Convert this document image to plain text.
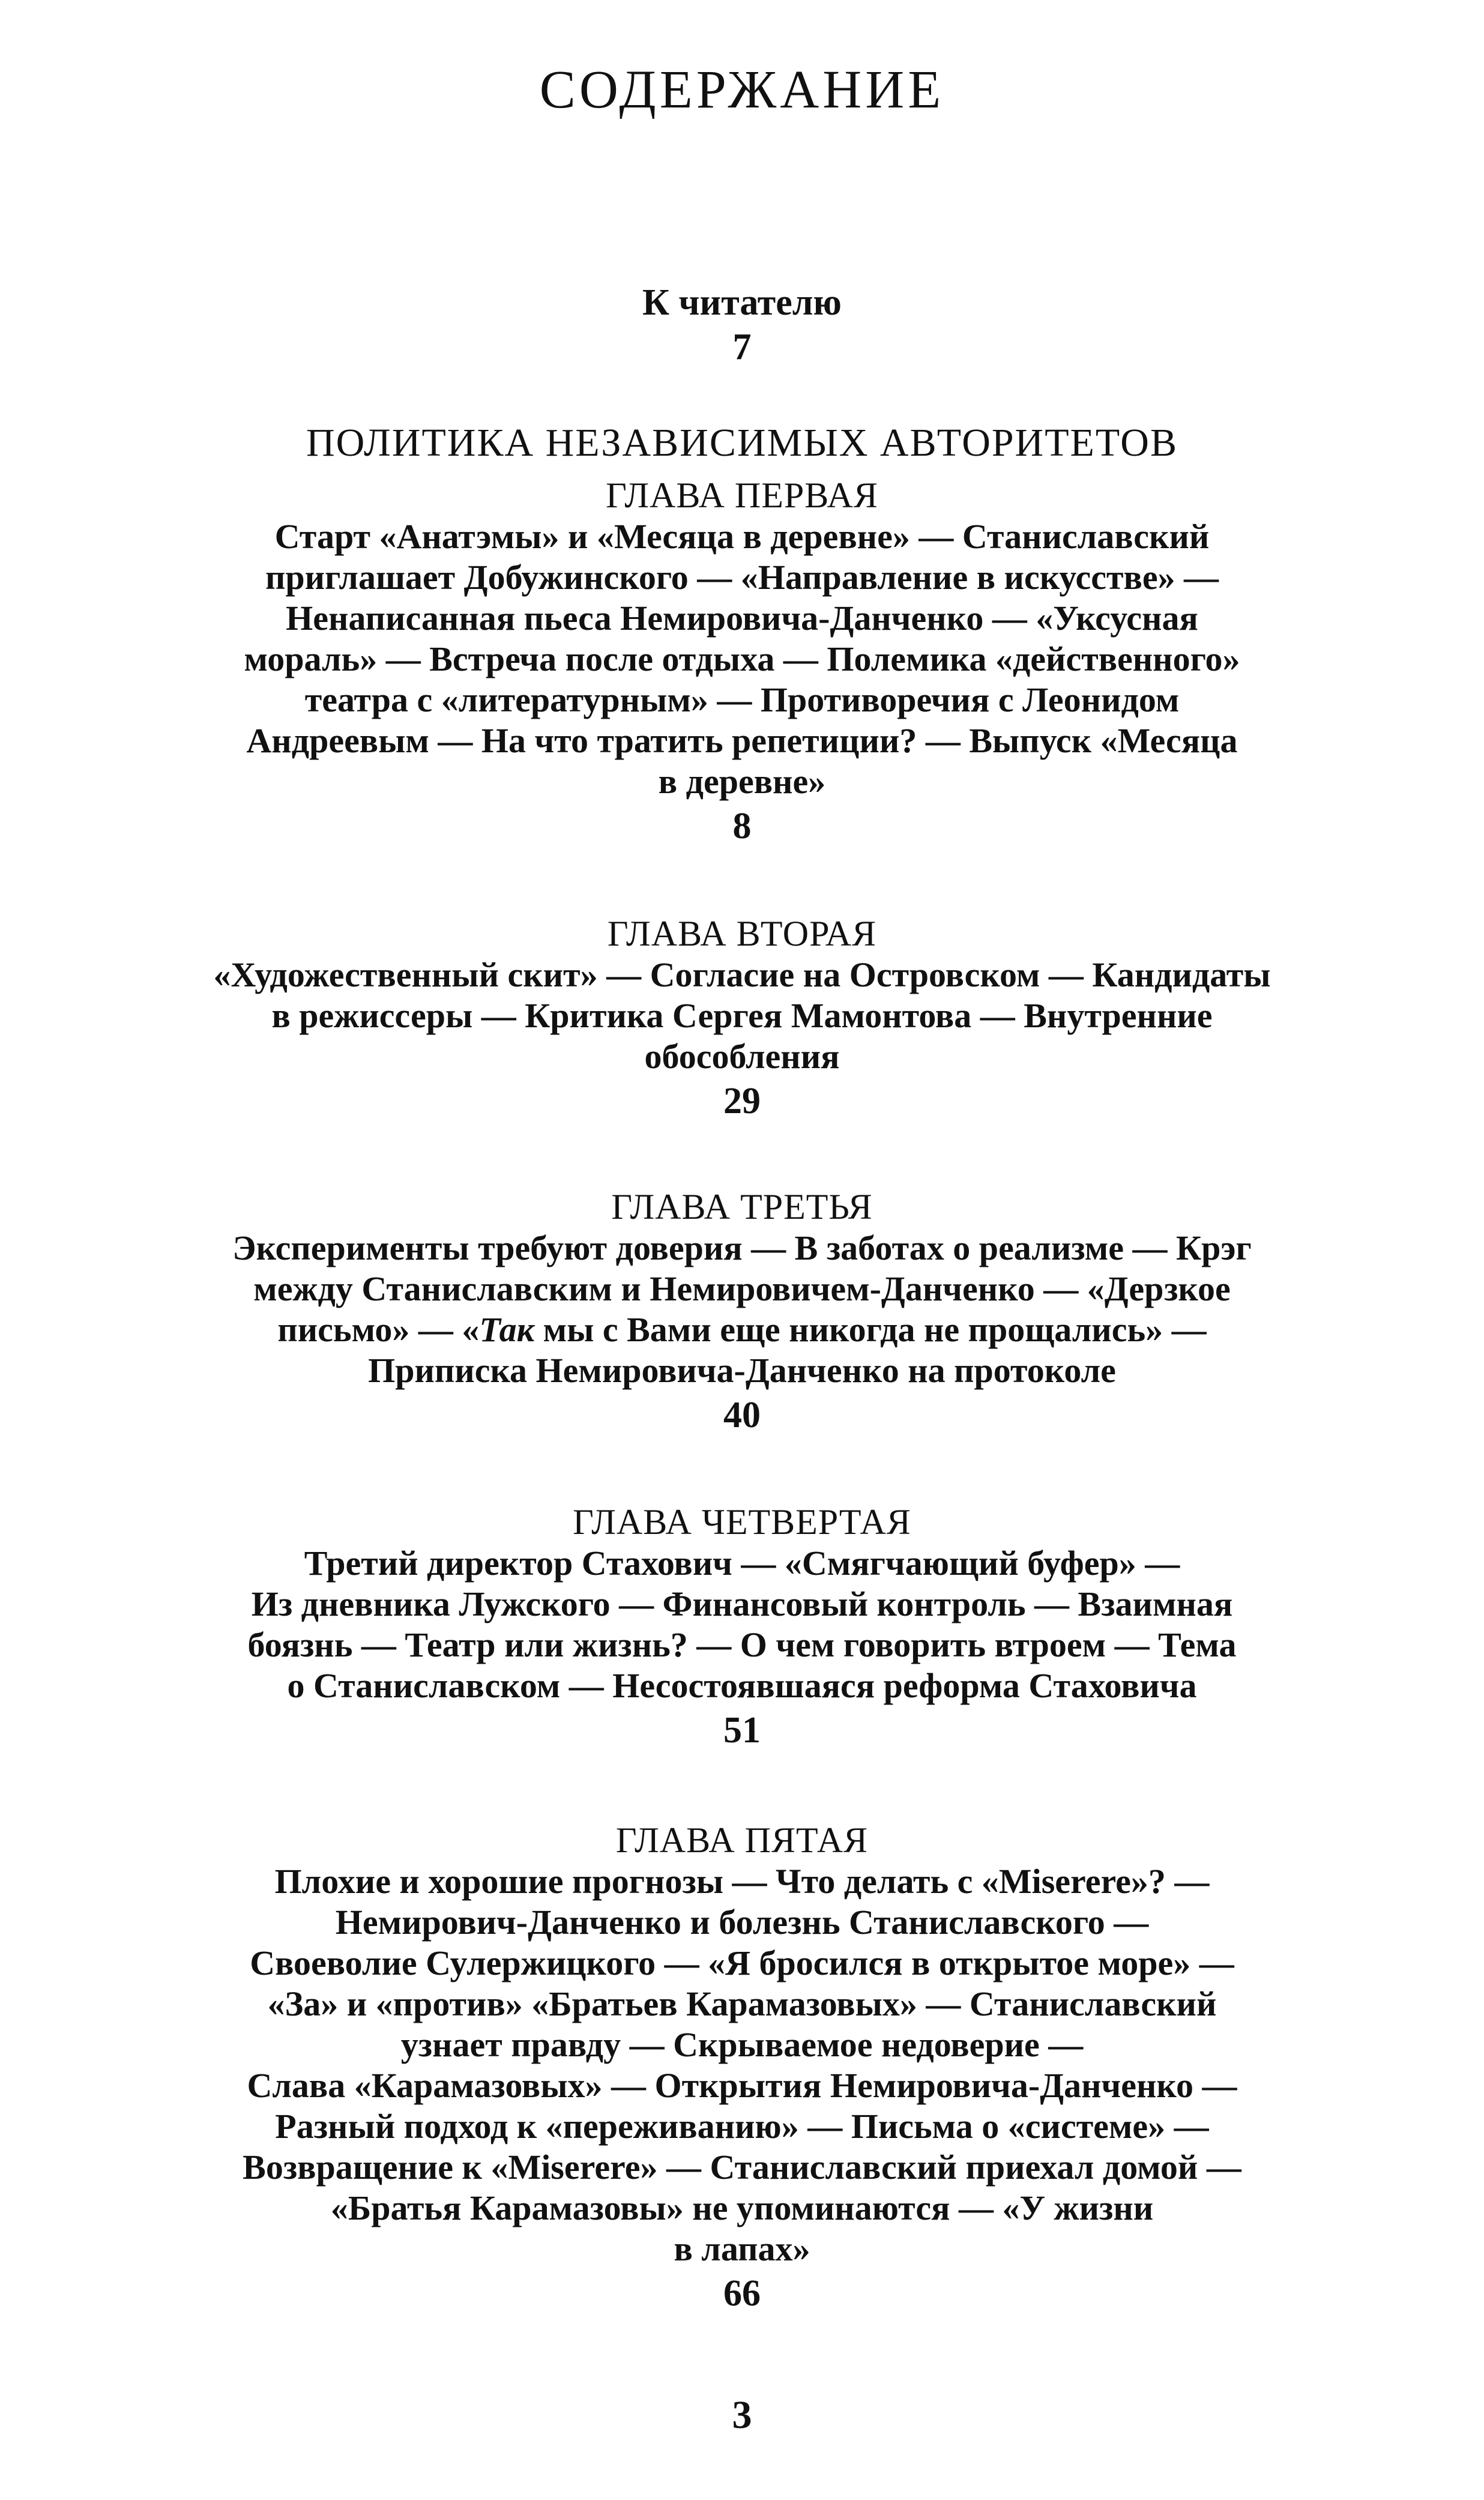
СОДЕРЖАНИЕ
К читателю
7
ПОЛИТИКА НЕЗАВИСИМЫХ АВТОРИТЕТОВ
ГЛАВА ПЕРВАЯ

Старт «Анатэмы» и «Месяца в деревне» — Станиславский

приглашает Добужинского — «Направление в искусстве» —

Ненаписанная пьеса Немировича-Данченко — «Уксусная

мораль» — Встреча после отдыха — Полемика «действенного»

театра с «литературным» — Противоречия с Леонидом

Андреевым — На что тратить репетиции? — Выпуск «Месяца

в деревне»

8
ГЛАВА ВТОРАЯ

«Художественный скит» — Согласие на Островском — Кандидаты

в режиссеры — Критика Сергея Мамонтова — Внутренние

обособления

29
ГЛАВА ТРЕТЬЯ

Эксперименты требуют доверия — В заботах о реализме — Крэг

между Станиславским и Немировичем-Данченко — «Дерзкое

письмо» — «Так мы с Вами еще никогда не прощались» —

Приписка Немировича-Данченко на протоколе

40
ГЛАВА ЧЕТВЕРТАЯ

Третий директор Стахович — «Смягчающий буфер» —

Из дневника Лужского — Финансовый контроль — Взаимная

боязнь — Театр или жизнь? — О чем говорить втроем — Тема

о Станиславском — Несостоявшаяся реформа Стаховича

51
ГЛАВА ПЯТАЯ

Плохие и хорошие прогнозы — Что делать с «Miserere»? —

Немирович-Данченко и болезнь Станиславского —

Своеволие Сулержицкого — «Я бросился в открытое море» —

«За» и «против» «Братьев Карамазовых» — Станиславский

узнает правду — Скрываемое недоверие —

Слава «Карамазовых» — Открытия Немировича-Данченко —

Разный подход к «переживанию» — Письма о «системе» —

Возвращение к «Miserere» — Станиславский приехал домой —

«Братья Карамазовы» не упоминаются — «У жизни

в лапах»

66
3
